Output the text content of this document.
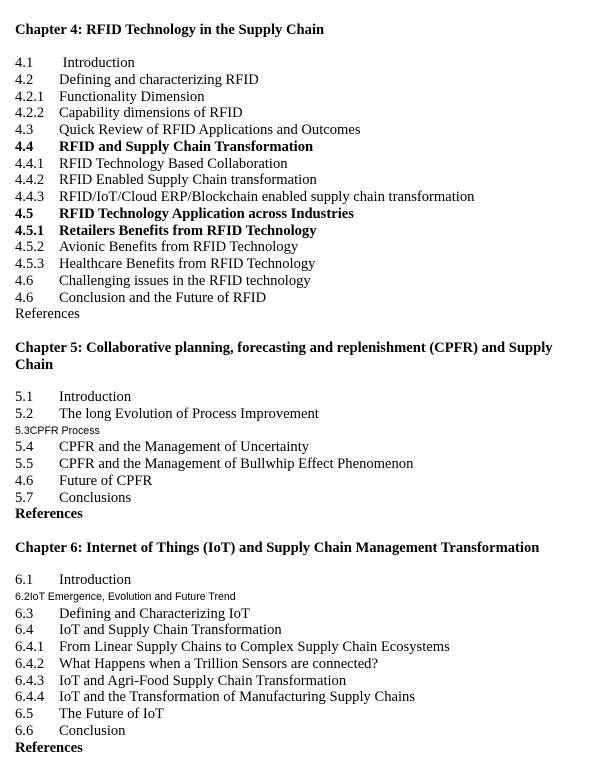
Chapter 4: RFID Technology in the Supply Chain
4.1 Introduction
4.2 Defining and characterizing RFID
4.2.1 Functionality Dimension
4.2.2 Capability dimensions of RFID
4.3 Quick Review of RFID Applications and Outcomes
4.4 RFID and Supply Chain Transformation
4.4.1 RFID Technology Based Collaboration
4.4.2 RFID Enabled Supply Chain transformation
4.4.3 RFID/IoT/Cloud ERP/Blockchain enabled supply chain transformation
4.5 RFID Technology Application across Industries
4.5.1 Retailers Benefits from RFID Technology
4.5.2 Avionic Benefits from RFID Technology
4.5.3 Healthcare Benefits from RFID Technology
4.6 Challenging issues in the RFID technology
4.6 Conclusion and the Future of RFID
References
Chapter 5: Collaborative planning, forecasting and replenishment (CPFR) and Supply Chain
5.1 Introduction
5.2 The long Evolution of Process Improvement
5.3CPFR Process
5.4 CPFR and the Management of Uncertainty
5.5 CPFR and the Management of Bullwhip Effect Phenomenon
4.6 Future of CPFR
5.7 Conclusions
References
Chapter 6: Internet of Things (IoT) and Supply Chain Management Transformation
6.1 Introduction
6.2IoT Emergence, Evolution and Future Trend
6.3 Defining and Characterizing IoT
6.4 IoT and Supply Chain Transformation
6.4.1 From Linear Supply Chains to Complex Supply Chain Ecosystems
6.4.2 What Happens when a Trillion Sensors are connected?
6.4.3 IoT and Agri-Food Supply Chain Transformation
6.4.4 IoT and the Transformation of Manufacturing Supply Chains
6.5 The Future of IoT
6.6 Conclusion
References
